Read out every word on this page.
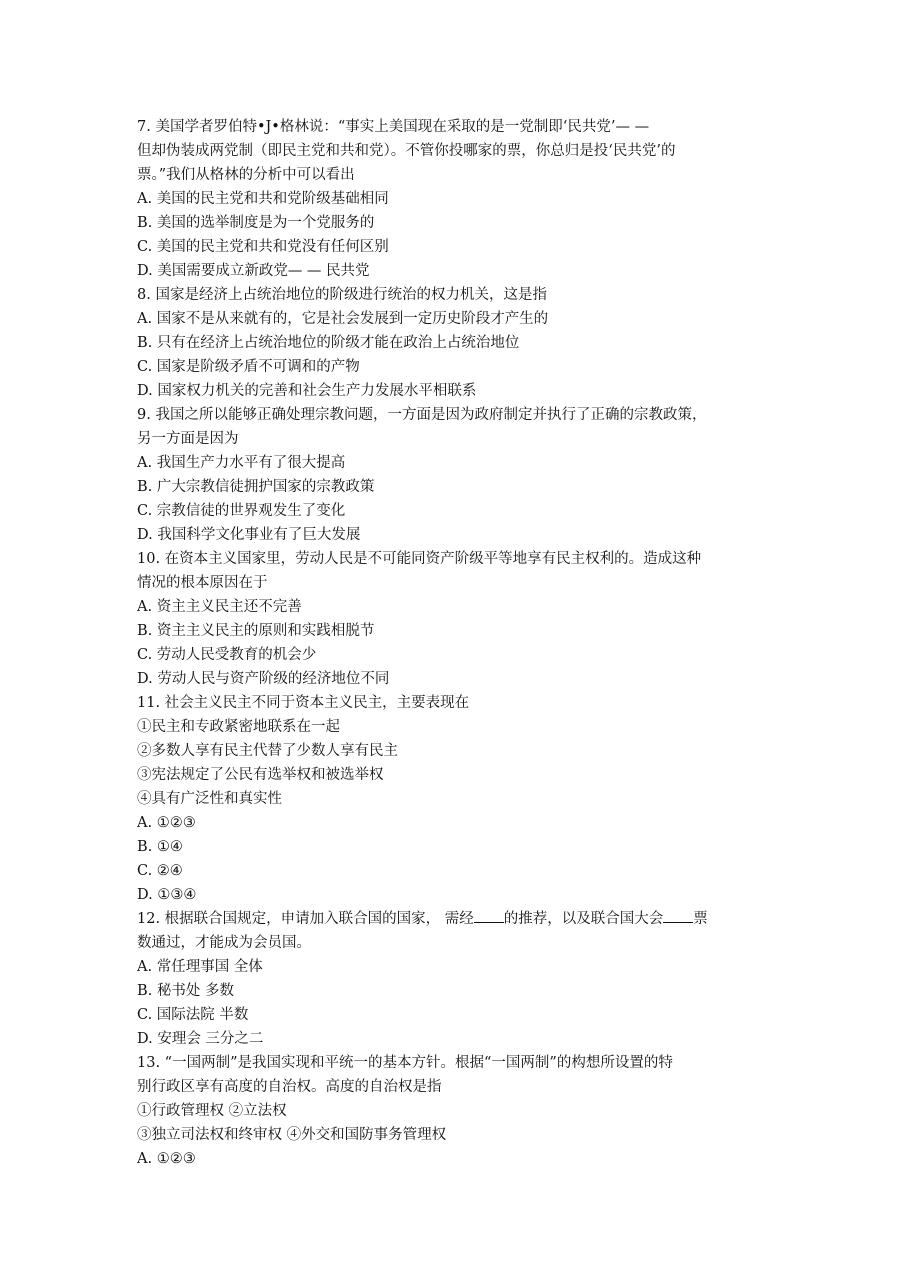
7. 美国学者罗伯特•J•格林说：“事实上美国现在采取的是一党制即‘民共党’— —
但却伪装成两党制（即民主党和共和党）。不管你投哪家的票，你总归是投‘民共党’的
票。”我们从格林的分析中可以看出
A. 美国的民主党和共和党阶级基础相同
B. 美国的选举制度是为一个党服务的
C. 美国的民主党和共和党没有任何区别
D. 美国需要成立新政党— — 民共党
8. 国家是经济上占统治地位的阶级进行统治的权力机关，这是指
A. 国家不是从来就有的，它是社会发展到一定历史阶段才产生的
B. 只有在经济上占统治地位的阶级才能在政治上占统治地位
C. 国家是阶级矛盾不可调和的产物
D. 国家权力机关的完善和社会生产力发展水平相联系
9. 我国之所以能够正确处理宗教问题，一方面是因为政府制定并执行了正确的宗教政策，
另一方面是因为
A. 我国生产力水平有了很大提高
B. 广大宗教信徒拥护国家的宗教政策
C. 宗教信徒的世界观发生了变化
D. 我国科学文化事业有了巨大发展
10. 在资本主义国家里，劳动人民是不可能同资产阶级平等地享有民主权利的。造成这种
情况的根本原因在于
A. 资主主义民主还不完善
B. 资主主义民主的原则和实践相脱节
C. 劳动人民受教育的机会少
D. 劳动人民与资产阶级的经济地位不同
11. 社会主义民主不同于资本主义民主，主要表现在
①民主和专政紧密地联系在一起
②多数人享有民主代替了少数人享有民主
③宪法规定了公民有选举权和被选举权
④具有广泛性和真实性
A. ①②③
B. ①④
C. ②④
D. ①③④
12. 根据联合国规定，申请加入联合国的国家， 需经 的推荐，以及联合国大会 票
数通过，才能成为会员国。
A. 常任理事国 全体
B. 秘书处 多数
C. 国际法院 半数
D. 安理会 三分之二
13. “一国两制”是我国实现和平统一的基本方针。根据“一国两制”的构想所设置的特
别行政区享有高度的自治权。高度的自治权是指
①行政管理权 ②立法权
③独立司法权和终审权 ④外交和国防事务管理权
A. ①②③
